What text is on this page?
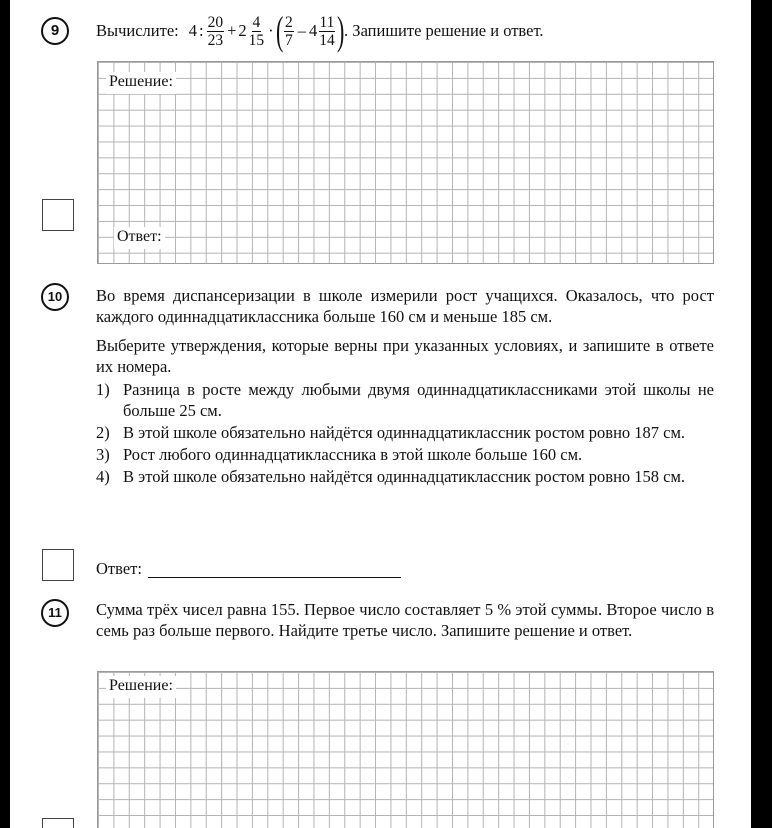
9	Вычислите: 4 : $\frac{20}{23} + 2 \frac{4}{15}$ · ( $\frac{2}{7} - 4 \frac{11}{14}$ ) . Запишите решение и ответ.
Решение:
Ответ:
10	Во время диспансеризации в школе измерили рост учащихся. Оказалось, что рост каждого одиннадцатиклассника больше 160 см и меньше 185 см.

Выберите утверждения, которые верны при указанных условиях, и запишите в ответе их номера.

1) Разница в росте между любыми двумя одиннадцатиклассниками этой школы не больше 25 см.
2) В этой школе обязательно найдётся одиннадцатиклассник ростом ровно 187 см.
3) Рост любого одиннадцатиклассника в этой школе больше 160 см.
4) В этой школе обязательно найдётся одиннадцатиклассник ростом ровно 158 см.
Ответ:
11	Сумма трёх чисел равна 155. Первое число составляет 5 % этой суммы. Второе число в семь раз больше первого. Найдите третье число. Запишите решение и ответ.

Решение:
